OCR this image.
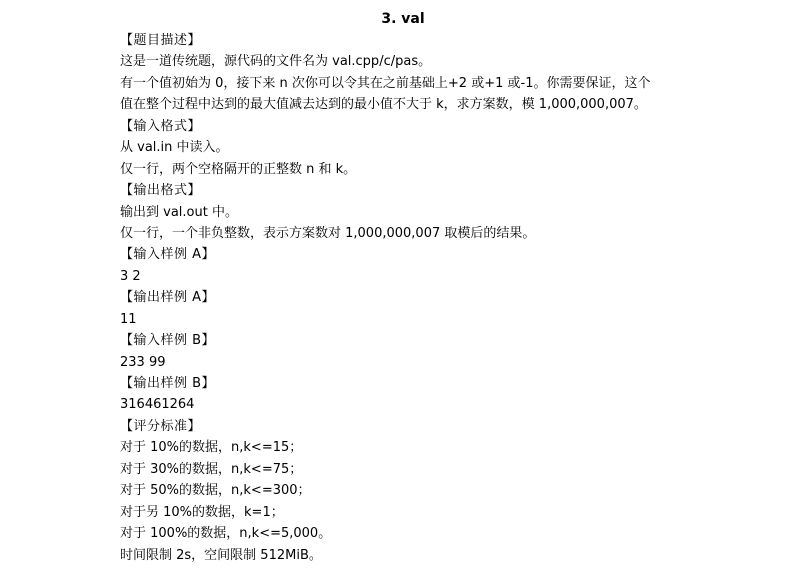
3. val
【题目描述】
这是一道传统题，源代码的文件名为 val.cpp/c/pas。
有一个值初始为 0，接下来 n 次你可以令其在之前基础上+2 或+1 或-1。你需要保证，这个
值在整个过程中达到的最大值减去达到的最小值不大于 k，求方案数，模 1,000,000,007。
【输入格式】
从 val.in 中读入。
仅一行，两个空格隔开的正整数 n 和 k。
【输出格式】
输出到 val.out 中。
仅一行，一个非负整数，表示方案数对 1,000,000,007 取模后的结果。
【输入样例 A】
3 2
【输出样例 A】
11
【输入样例 B】
233 99
【输出样例 B】
316461264
【评分标准】
对于 10%的数据，n,k<=15；
对于 30%的数据，n,k<=75；
对于 50%的数据，n,k<=300；
对于另 10%的数据，k=1；
对于 100%的数据，n,k<=5,000。
时间限制 2s，空间限制 512MiB。
